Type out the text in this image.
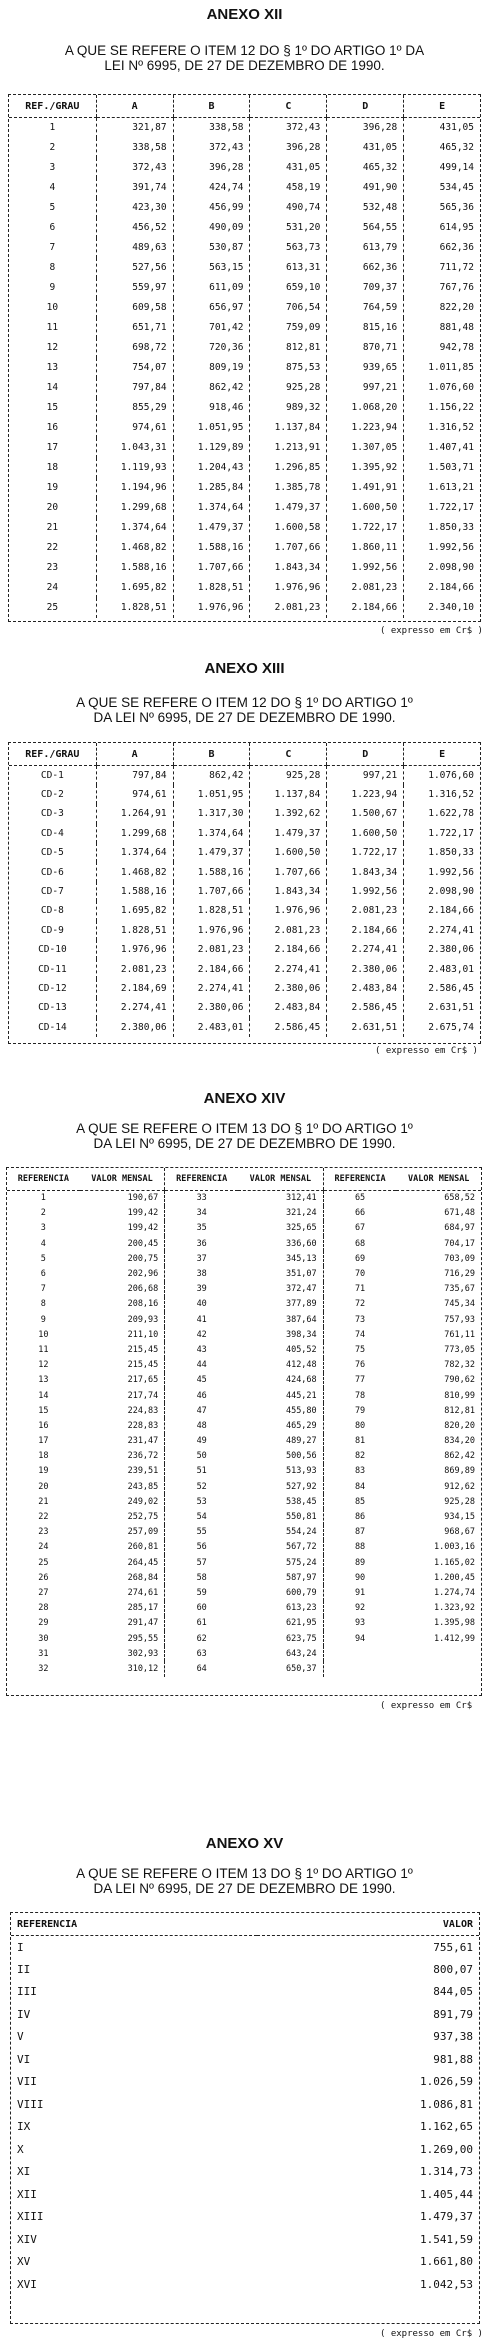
ANEXO XII
A QUE SE REFERE O ITEM 12 DO § 1º DO ARTIGO 1º DA
LEI Nº 6995, DE 27 DE DEZEMBRO DE 1990.
REF./GRAU	A	B	C	D	E
1	321,87	338,58	372,43	396,28	431,05
2	338,58	372,43	396,28	431,05	465,32
3	372,43	396,28	431,05	465,32	499,14
4	391,74	424,74	458,19	491,90	534,45
5	423,30	456,99	490,74	532,48	565,36
6	456,52	490,09	531,20	564,55	614,95
7	489,63	530,87	563,73	613,79	662,36
8	527,56	563,15	613,31	662,36	711,72
9	559,97	611,09	659,10	709,37	767,76
10	609,58	656,97	706,54	764,59	822,20
11	651,71	701,42	759,09	815,16	881,48
12	698,72	720,36	812,81	870,71	942,78
13	754,07	809,19	875,53	939,65	1.011,85
14	797,84	862,42	925,28	997,21	1.076,60
15	855,29	918,46	989,32	1.068,20	1.156,22
16	974,61	1.051,95	1.137,84	1.223,94	1.316,52
17	1.043,31	1.129,89	1.213,91	1.307,05	1.407,41
18	1.119,93	1.204,43	1.296,85	1.395,92	1.503,71
19	1.194,96	1.285,84	1.385,78	1.491,91	1.613,21
20	1.299,68	1.374,64	1.479,37	1.600,50	1.722,17
21	1.374,64	1.479,37	1.600,58	1.722,17	1.850,33
22	1.468,82	1.588,16	1.707,66	1.860,11	1.992,56
23	1.588,16	1.707,66	1.843,34	1.992,56	2.098,90
24	1.695,82	1.828,51	1.976,96	2.081,23	2.184,66
25	1.828,51	1.976,96	2.081,23	2.184,66	2.340,10
( expresso em Cr$ )
ANEXO XIII
A QUE SE REFERE O ITEM 12 DO § 1º DO ARTIGO 1º
DA LEI Nº 6995, DE 27 DE DEZEMBRO DE 1990.
REF./GRAU	A	B	C	D	E
CD-1	797,84	862,42	925,28	997,21	1.076,60
CD-2	974,61	1.051,95	1.137,84	1.223,94	1.316,52
CD-3	1.264,91	1.317,30	1.392,62	1.500,67	1.622,78
CD-4	1.299,68	1.374,64	1.479,37	1.600,50	1.722,17
CD-5	1.374,64	1.479,37	1.600,50	1.722,17	1.850,33
CD-6	1.468,82	1.588,16	1.707,66	1.843,34	1.992,56
CD-7	1.588,16	1.707,66	1.843,34	1.992,56	2.098,90
CD-8	1.695,82	1.828,51	1.976,96	2.081,23	2.184,66
CD-9	1.828,51	1.976,96	2.081,23	2.184,66	2.274,41
CD-10	1.976,96	2.081,23	2.184,66	2.274,41	2.380,06
CD-11	2.081,23	2.184,66	2.274,41	2.380,06	2.483,01
CD-12	2.184,69	2.274,41	2.380,06	2.483,84	2.586,45
CD-13	2.274,41	2.380,06	2.483,84	2.586,45	2.631,51
CD-14	2.380,06	2.483,01	2.586,45	2.631,51	2.675,74
( expresso em Cr$ )
ANEXO XIV
A QUE SE REFERE O ITEM 13 DO § 1º DO ARTIGO 1º
DA LEI Nº 6995, DE 27 DE DEZEMBRO DE 1990.
REFERENCIA	VALOR MENSAL	REFERENCIA	VALOR MENSAL	REFERENCIA	VALOR MENSAL
1	190,67	33	312,41	65	658,52
2	199,42	34	321,24	66	671,48
3	199,42	35	325,65	67	684,97
4	200,45	36	336,60	68	704,17
5	200,75	37	345,13	69	703,09
6	202,96	38	351,07	70	716,29
7	206,68	39	372,47	71	735,67
8	208,16	40	377,89	72	745,34
9	209,93	41	387,64	73	757,93
10	211,10	42	398,34	74	761,11
11	215,45	43	405,52	75	773,05
12	215,45	44	412,48	76	782,32
13	217,65	45	424,68	77	790,62
14	217,74	46	445,21	78	810,99
15	224,83	47	455,80	79	812,81
16	228,83	48	465,29	80	820,20
17	231,47	49	489,27	81	834,20
18	236,72	50	500,56	82	862,42
19	239,51	51	513,93	83	869,89
20	243,85	52	527,92	84	912,62
21	249,02	53	538,45	85	925,28
22	252,75	54	550,81	86	934,15
23	257,09	55	554,24	87	968,67
24	260,81	56	567,72	88	1.003,16
25	264,45	57	575,24	89	1.165,02
26	268,84	58	587,97	90	1.200,45
27	274,61	59	600,79	91	1.274,74
28	285,17	60	613,23	92	1.323,92
29	291,47	61	621,95	93	1.395,98
30	295,55	62	623,75	94	1.412,99
31	302,93	63	643,24		
32	310,12	64	650,37		
( expresso em Cr$
ANEXO XV
A QUE SE REFERE O ITEM 13 DO § 1º DO ARTIGO 1º
DA LEI Nº 6995, DE 27 DE DEZEMBRO DE 1990.
REFERENCIA	VALOR
I	755,61
II	800,07
III	844,05
IV	891,79
V	937,38
VI	981,88
VII	1.026,59
VIII	1.086,81
IX	1.162,65
X	1.269,00
XI	1.314,73
XII	1.405,44
XIII	1.479,37
XIV	1.541,59
XV	1.661,80
XVI	1.042,53
( expresso em Cr$ )
